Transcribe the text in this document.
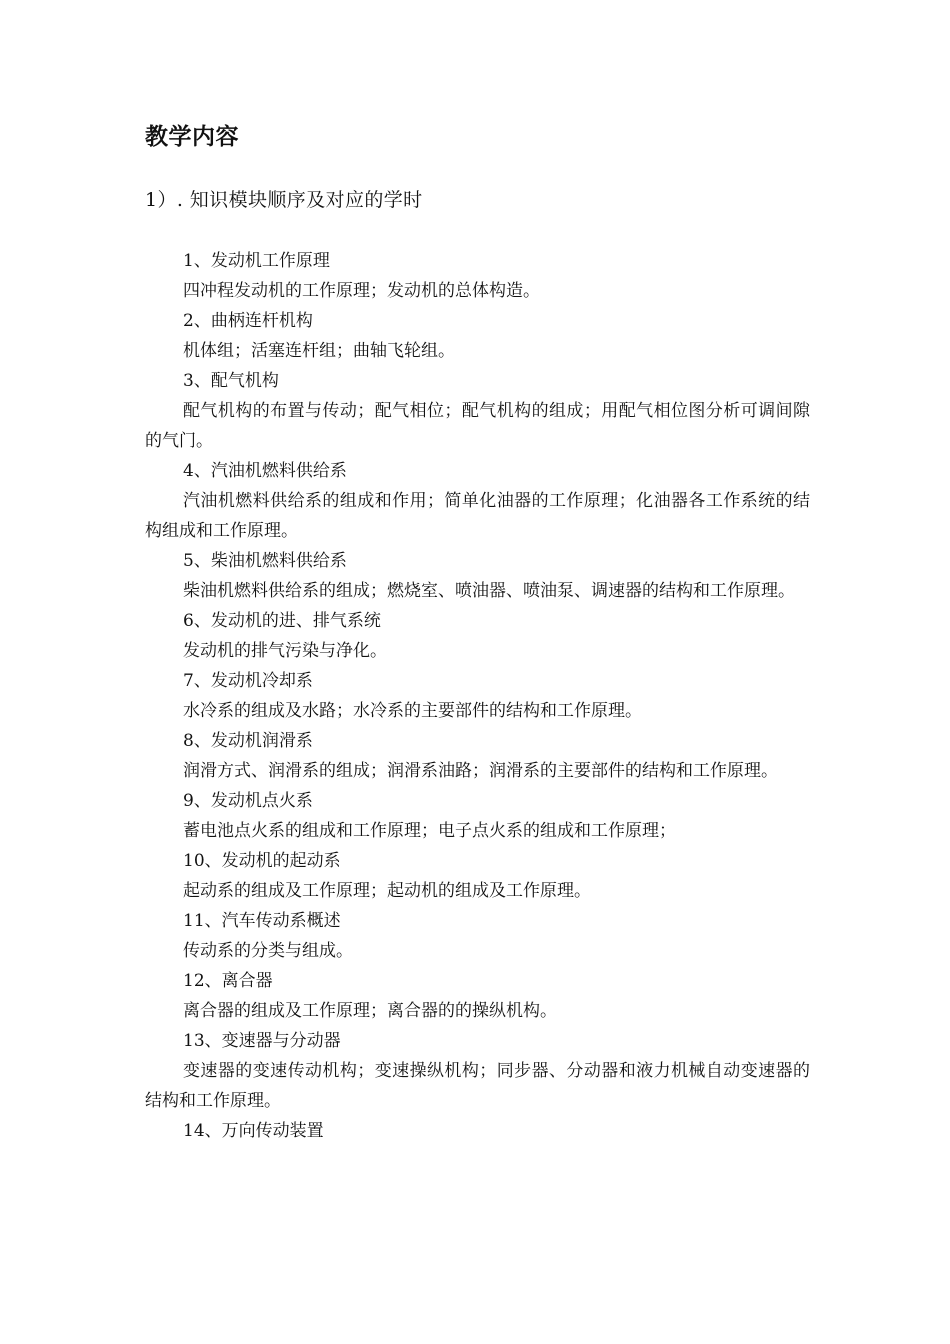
教学内容

1）. 知识模块顺序及对应的学时

1、发动机工作原理

四冲程发动机的工作原理；发动机的总体构造。

2、曲柄连杆机构

机体组；活塞连杆组；曲轴飞轮组。

3、配气机构

配气机构的布置与传动；配气相位；配气机构的组成；用配气相位图分析可调间隙的气门。

4、汽油机燃料供给系

汽油机燃料供给系的组成和作用；简单化油器的工作原理；化油器各工作系统的结构组成和工作原理。

5、柴油机燃料供给系

柴油机燃料供给系的组成；燃烧室、喷油器、喷油泵、调速器的结构和工作原理。

6、发动机的进、排气系统

发动机的排气污染与净化。

7、发动机冷却系

水冷系的组成及水路；水冷系的主要部件的结构和工作原理。

8、发动机润滑系

润滑方式、润滑系的组成；润滑系油路；润滑系的主要部件的结构和工作原理。

9、发动机点火系

蓄电池点火系的组成和工作原理；电子点火系的组成和工作原理；

10、发动机的起动系

起动系的组成及工作原理；起动机的组成及工作原理。

11、汽车传动系概述

传动系的分类与组成。

12、离合器

离合器的组成及工作原理；离合器的的操纵机构。

13、变速器与分动器

变速器的变速传动机构；变速操纵机构；同步器、分动器和液力机械自动变速器的结构和工作原理。

14、万向传动装置
